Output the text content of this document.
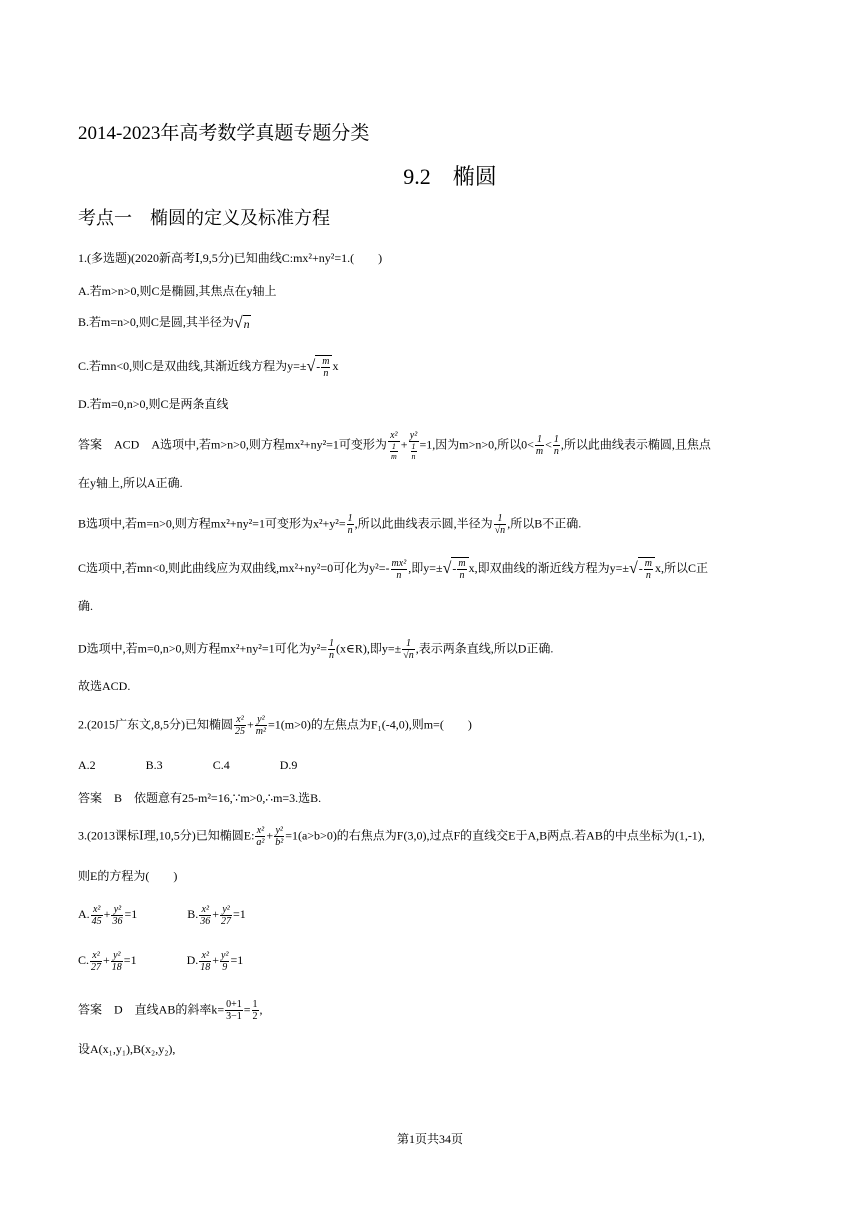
2014-2023年高考数学真题专题分类
9.2　椭圆
考点一　椭圆的定义及标准方程
1.(多选题)(2020新高考Ⅰ,9,5分)已知曲线C:mx²+ny²=1.(　　)
A.若m>n>0,则C是椭圆,其焦点在y轴上
B.若m=n>0,则C是圆,其半径为√n
C.若mn<0,则C是双曲线,其渐近线方程为$y=\pm√- \frac{m}{n}$ x
D.若m=0,n>0,则C是两条直线
答案　ACD　A选项中,若m>n>0,则方程mx²+ny²=1可变形为 $\frac{\text{x²}}{\frac{1}{m}} + \frac{\text{y²}}{\frac{1}{n}} =1$,因为m>n>0,所以$0< \frac{1}{m} < \frac{1}{n}$ ,所以此曲线表示椭圆,且焦点
在y轴上,所以A正确.
B选项中,若m=n>0,则方程mx²+ny²=1可变形为$x^2+y^2= \frac{1}{n}$ ,所以此曲线表示圆,半径为 $\frac{1}{√n}$ ,所以B不正确.
C选项中,若mn<0,则此曲线应为双曲线,mx²+ny²=0可化为$y^2=- \frac{\text{mx²}}{n}$ ,即$y=\pm√- \frac{m}{n} x$,即双曲线的渐近线方程为$y=\pm√- \frac{m}{n} x$,所以C正
确.
D选项中,若m=0,n>0,则方程mx²+ny²=1可化为$y^2= \frac{1}{n}$ (x∈R),即$y=\pm \frac{1}{√n}$ ,表示两条直线,所以D正确.
故选ACD.
2.(2015广东文,8,5分)已知椭圆 $\frac{\text{x²}}{25} + \frac{\text{y²}}{\text{m²}} =1(m>0)$的左焦点为F₁(-4,0),则m=(　　)
A.2	B.3	C.4	D.9
答案　B　依题意有25-m²=16,∵m>0,∴m=3.选B.
3.(2013课标Ⅰ理,10,5分)已知椭圆E: $\frac{\text{x²}}{\text{a²}} + \frac{\text{y²}}{\text{b²}} =1(a>b>0)$的右焦点为F(3,0),过点F的直线交E于A,B两点.若AB的中点坐标为(1,-1),
则E的方程为(　　)
A. $\frac{\text{x²}}{45} + \frac{\text{y²}}{36} =1$	B. $\frac{\text{x²}}{36} + \frac{\text{y²}}{27} =1$
C. $\frac{\text{x²}}{27} + \frac{\text{y²}}{18} =1$	D. $\frac{\text{x²}}{18} + \frac{\text{y²}}{9} =1$
答案　D　直线AB的斜率$k= \frac{0+1}{3-1} = \frac{1}{2}$ ,
设A(x₁,y₁),B(x₂,y₂),
第1页共34页
